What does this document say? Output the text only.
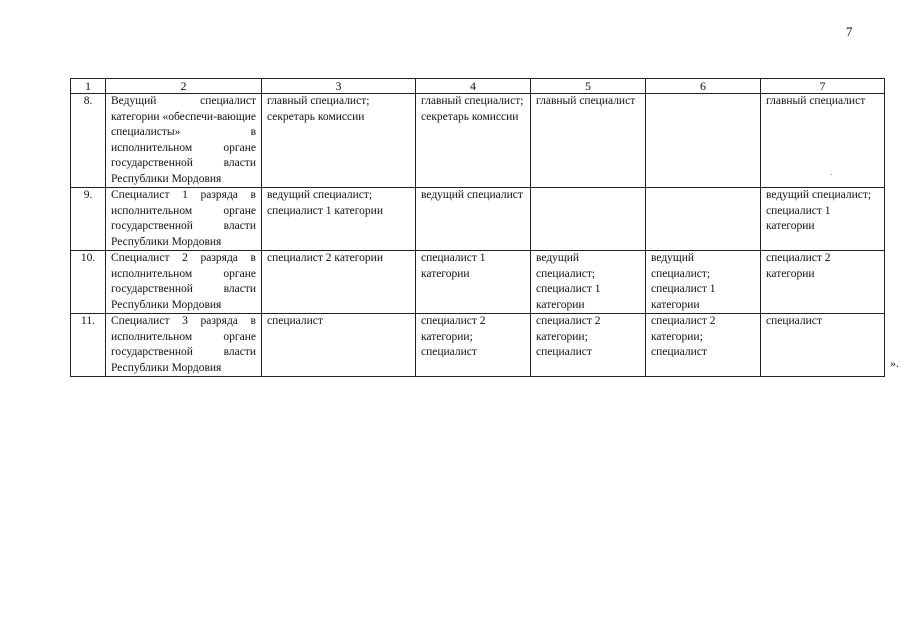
7
1	2	3	4	5	6	7
8.	Ведущий специалист категории «обеспечи-вающие специалисты» в исполнительном органе государственной власти Республики Мордовия	главный специалист; секретарь комиссии	главный специалист; секретарь комиссии	главный специалист		главный специалист
9.	Специалист 1 разряда в исполнительном органе государственной власти Республики Мордовия	ведущий специалист; специалист 1 категории	ведущий специалист			ведущий специалист; специалист 1 категории
10.	Специалист 2 разряда в исполнительном органе государственной власти Республики Мордовия	специалист 2 категории	специалист 1 категории	ведущий специалист; специалист 1 категории	ведущий специалист; специалист 1 категории	специалист 2 категории
11.	Специалист 3 разряда в исполнительном органе государственной власти Республики Мордовия	специалист	специалист 2 категории; специалист	специалист 2 категории; специалист	специалист 2 категории; специалист	специалист
.
».
